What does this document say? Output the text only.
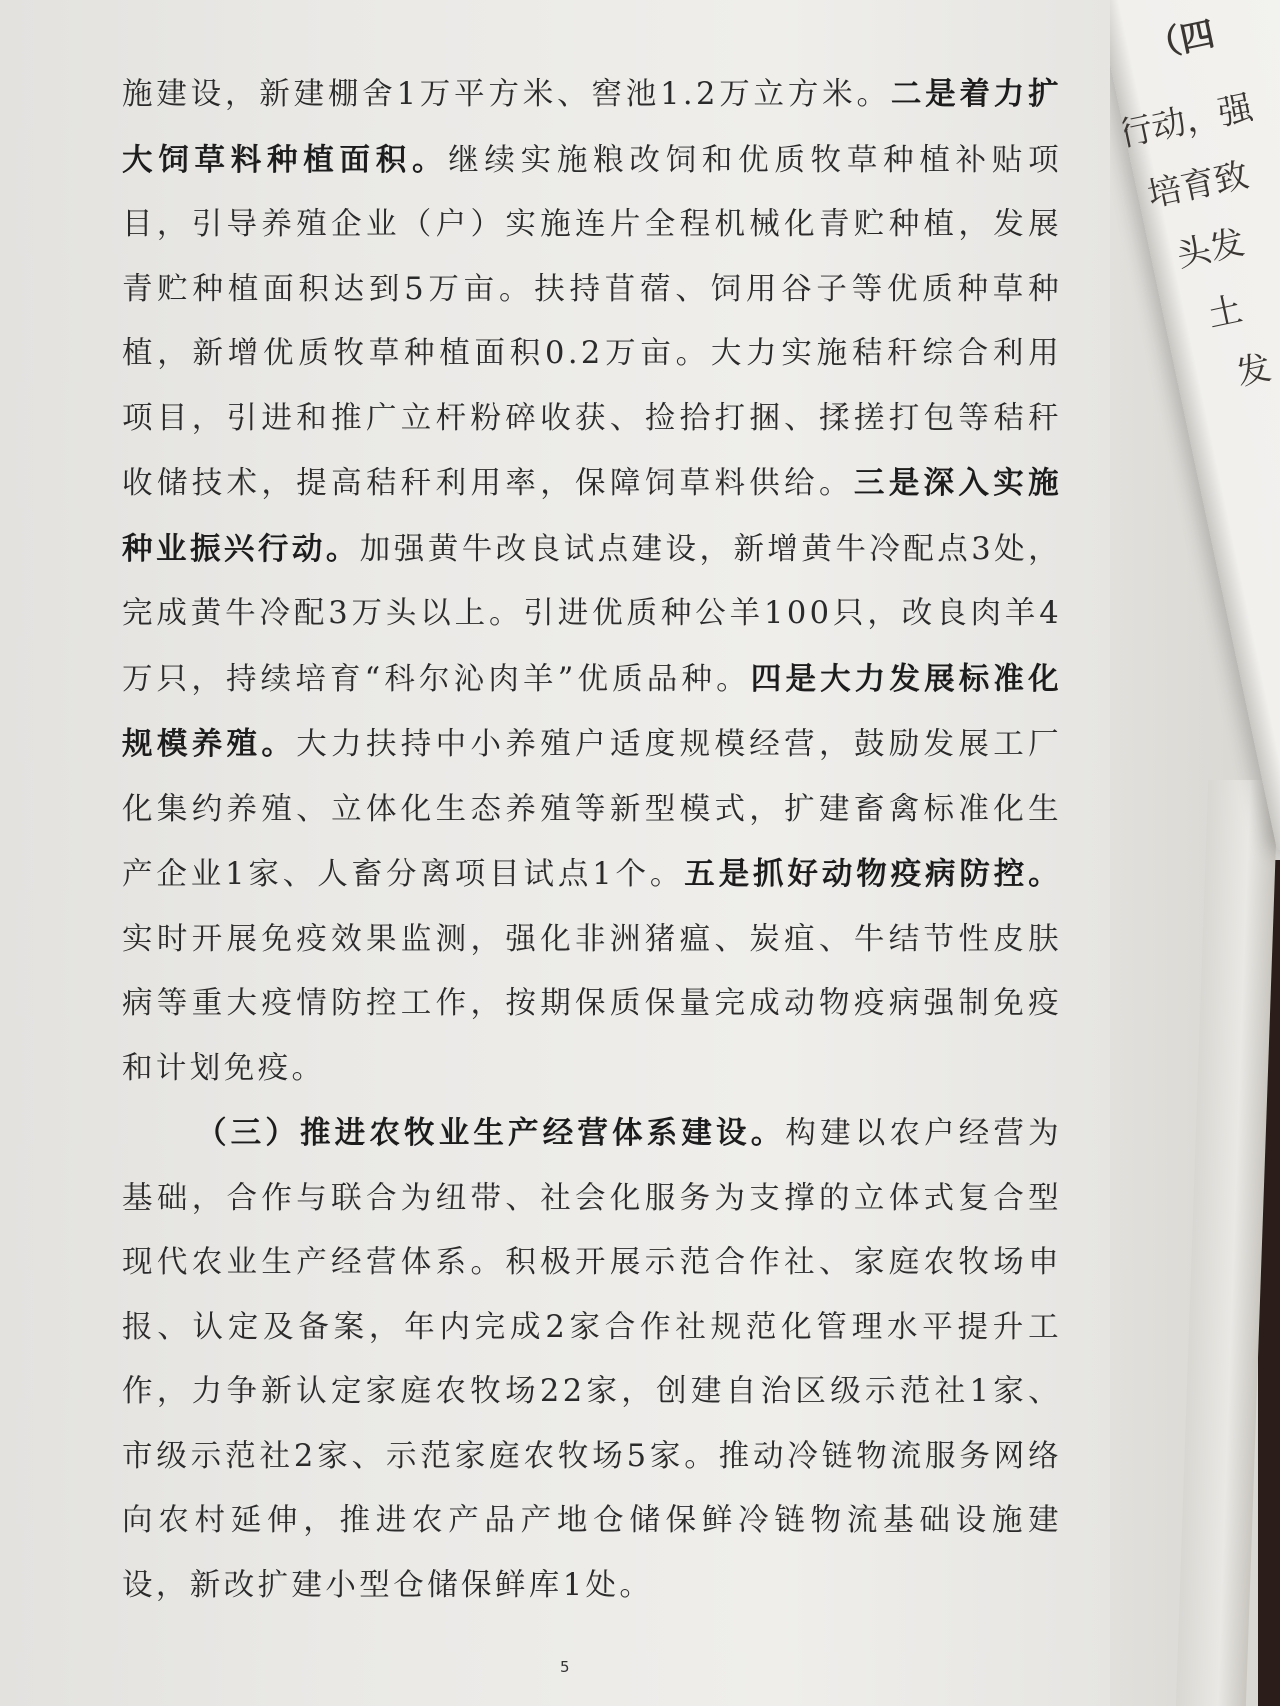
（四
行动，强
培育致
头发
土
发

施建设，新建棚舍1万平方米、窖池1.2万立方米。二是着力扩大饲草料种植面积。继续实施粮改饲和优质牧草种植补贴项目，引导养殖企业（户）实施连片全程机械化青贮种植，发展青贮种植面积达到5万亩。扶持苜蓿、饲用谷子等优质种草种植，新增优质牧草种植面积0.2万亩。大力实施秸秆综合利用项目，引进和推广立杆粉碎收获、捡拾打捆、揉搓打包等秸秆收储技术，提高秸秆利用率，保障饲草料供给。三是深入实施种业振兴行动。加强黄牛改良试点建设，新增黄牛冷配点3处，完成黄牛冷配3万头以上。引进优质种公羊100只，改良肉羊4万只，持续培育“科尔沁肉羊”优质品种。四是大力发展标准化规模养殖。大力扶持中小养殖户适度规模经营，鼓励发展工厂化集约养殖、立体化生态养殖等新型模式，扩建畜禽标准化生产企业1家、人畜分离项目试点1个。五是抓好动物疫病防控。实时开展免疫效果监测，强化非洲猪瘟、炭疽、牛结节性皮肤病等重大疫情防控工作，按期保质保量完成动物疫病强制免疫和计划免疫。

（三）推进农牧业生产经营体系建设。构建以农户经营为基础，合作与联合为纽带、社会化服务为支撑的立体式复合型现代农业生产经营体系。积极开展示范合作社、家庭农牧场申报、认定及备案，年内完成2家合作社规范化管理水平提升工作，力争新认定家庭农牧场22家，创建自治区级示范社1家、市级示范社2家、示范家庭农牧场5家。推动冷链物流服务网络向农村延伸，推进农产品产地仓储保鲜冷链物流基础设施建设，新改扩建小型仓储保鲜库1处。

5
